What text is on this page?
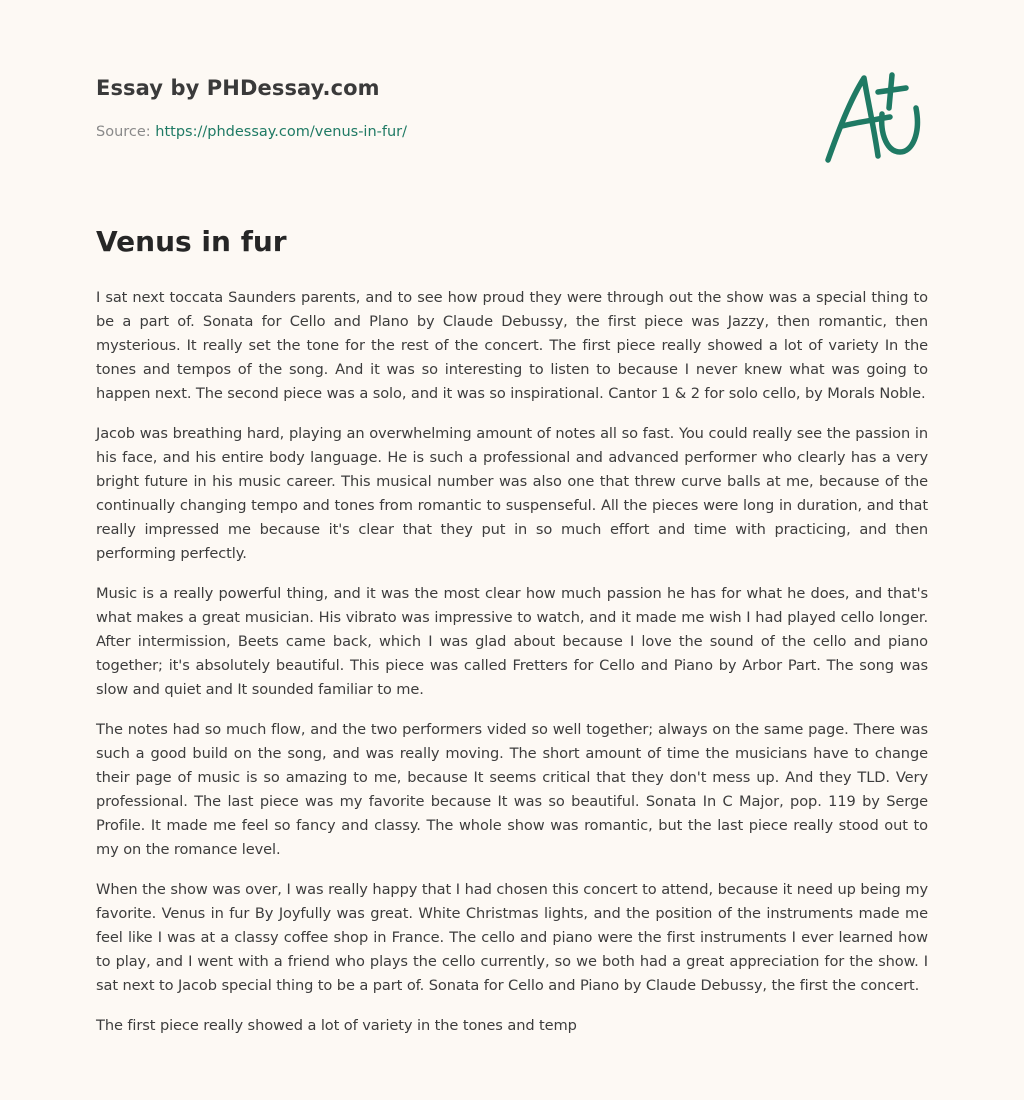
Essay by PHDessay.com
Source: https://phdessay.com/venus-in-fur/
Venus in fur

I sat next toccata Saunders parents, and to see how proud they were through out the show was a special thing to be a part of. Sonata for Cello and Plano by Claude Debussy, the first piece was Jazzy, then romantic, then mysterious. It really set the tone for the rest of the concert. The first piece really showed a lot of variety In the tones and tempos of the song. And it was so interesting to listen to because I never knew what was going to happen next. The second piece was a solo, and it was so inspirational. Cantor 1 & 2 for solo cello, by Morals Noble.

Jacob was breathing hard, playing an overwhelming amount of notes all so fast. You could really see the passion in his face, and his entire body language. He is such a professional and advanced performer who clearly has a very bright future in his music career. This musical number was also one that threw curve balls at me, because of the continually changing tempo and tones from romantic to suspenseful. All the pieces were long in duration, and that really impressed me because it's clear that they put in so much effort and time with practicing, and then performing perfectly.

Music is a really powerful thing, and it was the most clear how much passion he has for what he does, and that's what makes a great musician. His vibrato was impressive to watch, and it made me wish I had played cello longer. After intermission, Beets came back, which I was glad about because I love the sound of the cello and piano together; it's absolutely beautiful. This piece was called Fretters for Cello and Piano by Arbor Part. The song was slow and quiet and It sounded familiar to me.

The notes had so much flow, and the two performers vided so well together; always on the same page. There was such a good build on the song, and was really moving. The short amount of time the musicians have to change their page of music is so amazing to me, because It seems critical that they don't mess up. And they TLD. Very professional. The last piece was my favorite because It was so beautiful. Sonata In C Major, pop. 119 by Serge Profile. It made me feel so fancy and classy. The whole show was romantic, but the last piece really stood out to my on the romance level.

When the show was over, I was really happy that I had chosen this concert to attend, because it need up being my favorite. Venus in fur By Joyfully was great. White Christmas lights, and the position of the instruments made me feel like I was at a classy coffee shop in France. The cello and piano were the first instruments I ever learned how to play, and I went with a friend who plays the cello currently, so we both had a great appreciation for the show. I sat next to Jacob special thing to be a part of. Sonata for Cello and Piano by Claude Debussy, the first the concert.

The first piece really showed a lot of variety in the tones and temp
